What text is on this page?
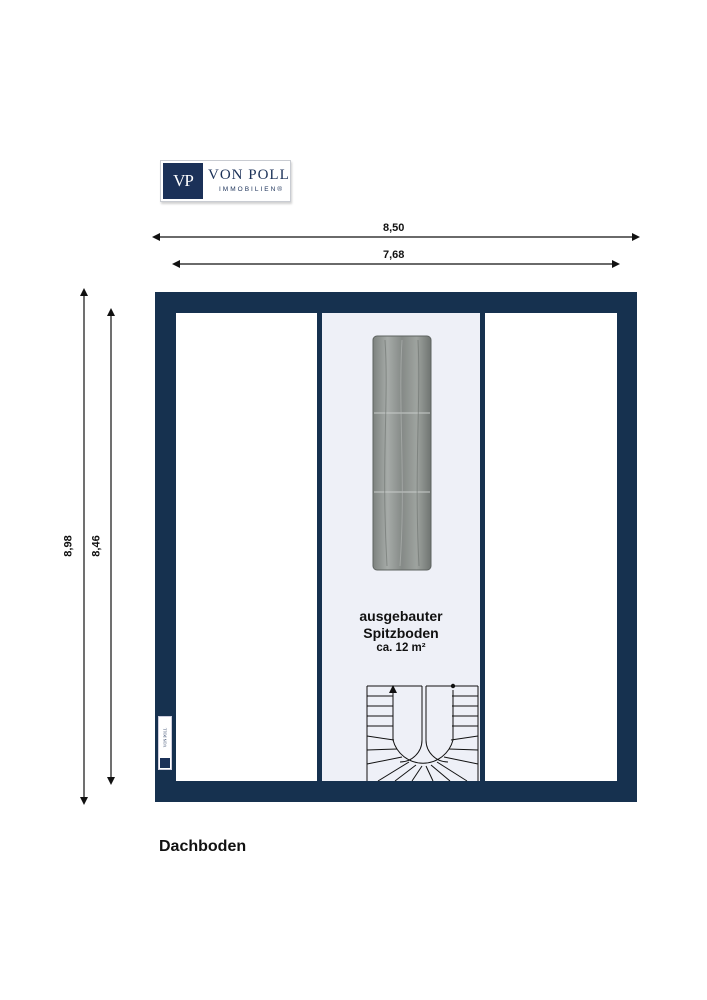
VP	VON POLL
IMMOBILIEN®
8,50
7,68
8,98 8,46
ausgebauter
Spitzboden
ca. 12 m²
VON POLL
Dachboden
